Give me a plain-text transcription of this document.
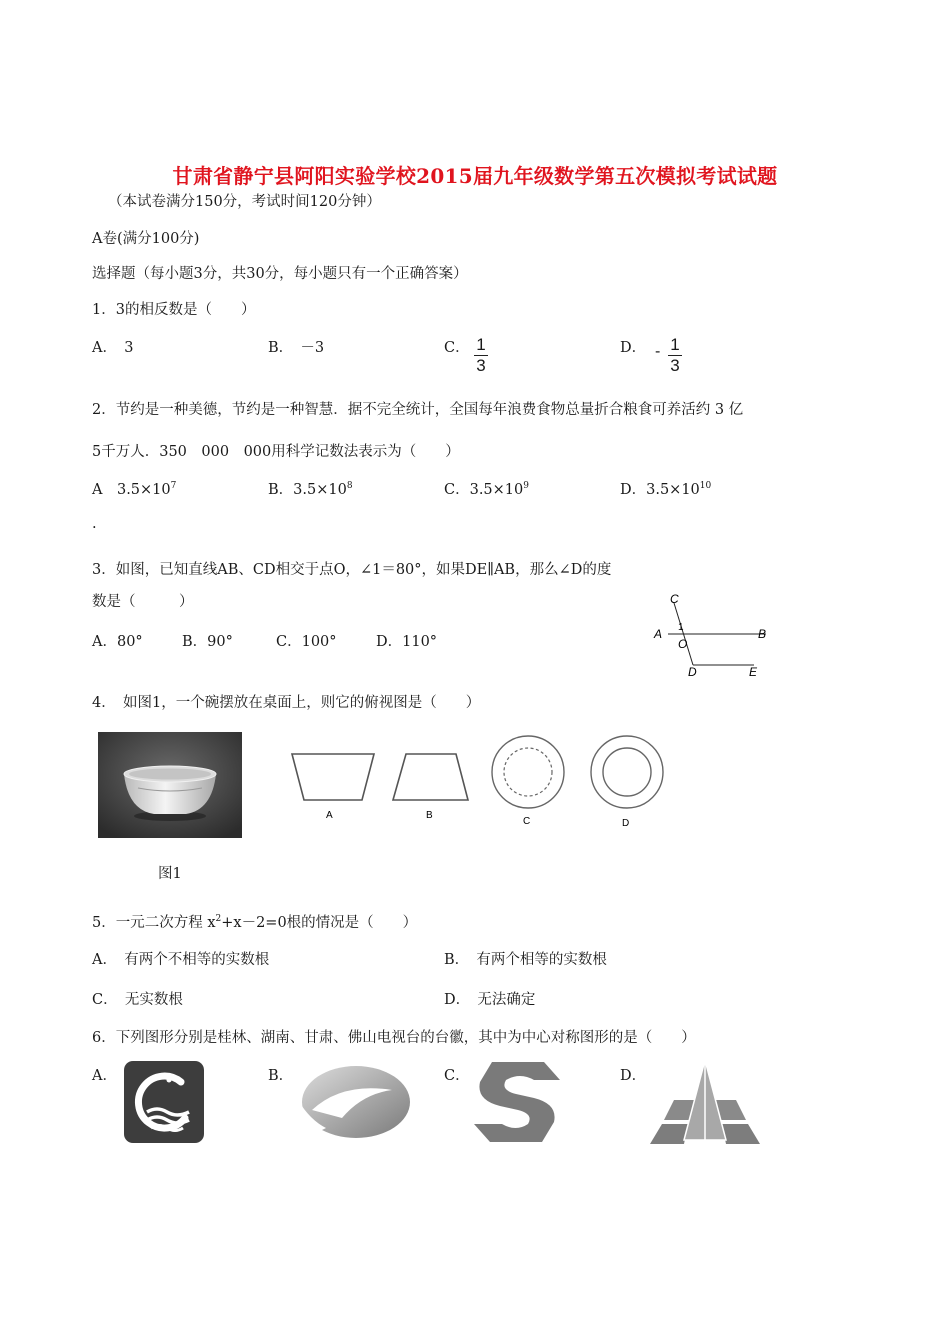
甘肃省静宁县阿阳实验学校2015届九年级数学第五次模拟考试试题
（本试卷满分150分，考试时间120分钟）
A卷(满分100分)
选择题（每小题3分，共30分，每小题只有一个正确答案）
1．3的相反数是（　　）
A．　3	B．　－3	C． 1
3
D． - 1
3
2．节约是一种美德，节约是一种智慧．据不完全统计，全国每年浪费食物总量折合粮食可养活约 3 亿
5千万人．350　000　000用科学记数法表示为（　　）
A　$3.5\times 10^7$	B．$3.5\times 10^8$	C．$3.5\times 10^9$	D．$3.5\times 10^{10}$
.
3．如图，已知直线AB、CD相交于点O，∠1＝80°，如果DE∥AB，那么∠D的度
数是（　　　）
A．80°	B．90°	C．100°	D．110°
C
1
A
O
B
D	E
4．　如图1，一个碗摆放在桌面上，则它的俯视图是（　　）
图1
A	B
C	D
5．一元二次方程 $x^2+x-2=0$根的情况是（　　）
A．　有两个不相等的实数根	B．　有两个相等的实数根
C．　无实数根	D．　无法确定
6．下列图形分别是桂林、湖南、甘肃、佛山电视台的台徽，其中为中心对称图形的是（　　）
A．	B．	C．	D．
